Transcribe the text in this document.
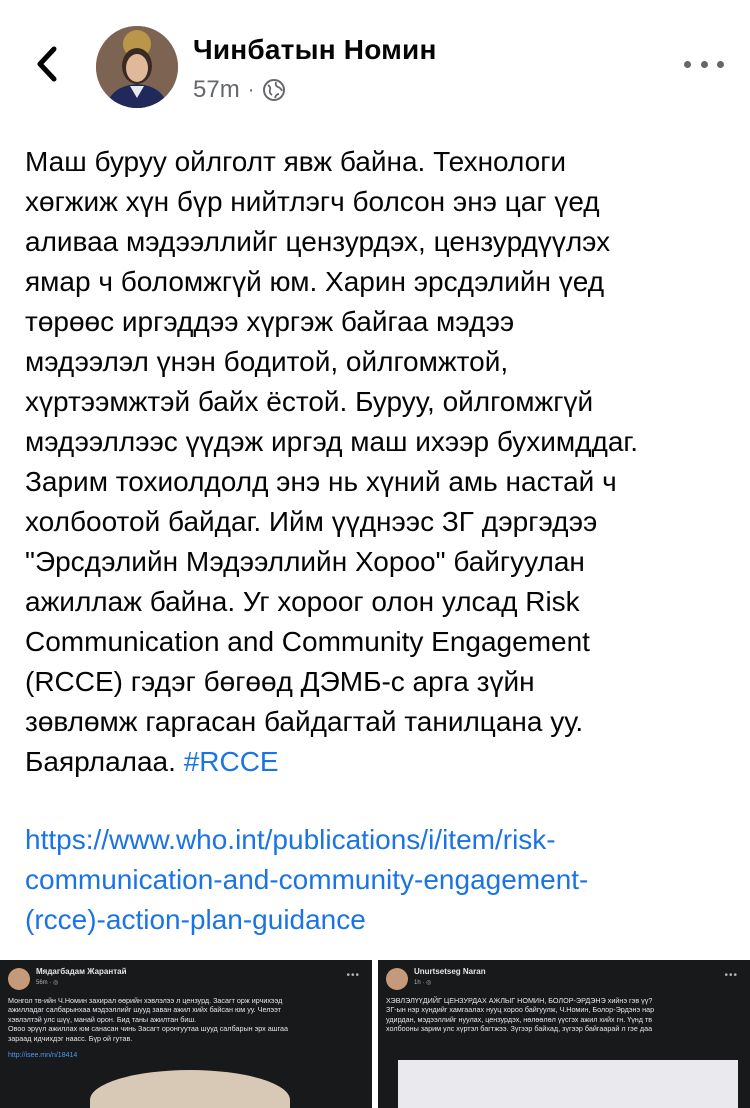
Чинбатын Номин
57m ·
Маш буруу ойлголт явж байна. Технологи
хөгжиж хүн бүр нийтлэгч болсон энэ цаг үед
аливаа мэдээллийг цензурдэх, цензурдүүлэх
ямар ч боломжгүй юм. Харин эрсдэлийн үед
төрөөс иргэддээ хүргэж байгаа мэдээ
мэдээлэл үнэн бодитой, ойлгомжтой,
хүртээмжтэй байх ёстой. Буруу, ойлгомжгүй
мэдээллээс үүдэж иргэд маш ихээр бухимддаг.
Зарим тохиолдолд энэ нь хүний амь настай ч
холбоотой байдаг. Ийм үүднээс ЗГ дэргэдээ
"Эрсдэлийн Мэдээллийн Хороо" байгуулан
ажиллаж байна. Уг хороог олон улсад Risk
Communication and Community Engagement
(RCCE) гэдэг бөгөөд ДЭМБ-с арга зүйн
зөвлөмж гаргасан байдагтай танилцана уу.
Баярлалаа. #RCCE
https://www.who.int/publications/i/item/risk-
communication-and-community-engagement-
(rcce)-action-plan-guidance
Мядагбадам Жарантай
56m · ◎
•••
Монгол тв-ийн Ч.Номин захирал өөрийн хэвлэлээ л цензурд. Засагт орж ирчихээд
ажилладаг салбарынхаа мэдээллийг шууд заван ажил хийх байсан юм уу. Челээт
хэвлэлтэй улс шүү, манай орон. Бид таны ажилтан биш.
Овоо эрүүл ажиллах юм санасан чинь Засагт оронгуутаа шууд салбарын эрх ашгаа
зараад идчихдэг наасс. Бүр ой гутав.
http://isee.mn/n/18414
Unurtsetseg Naran
1h · ◎
•••
ХЭВЛЭЛҮҮДИЙГ ЦЕНЗУРДАХ АЖЛЫГ НОМИН, БОЛОР-ЭРДЭНЭ хийнэ гэв үү?
ЗГ-ын нэр хүндийг хамгаалах нууц хороо байгуулж, Ч.Номин, Болор-Эрдэнэ нар
удирдан, мэдээллийг нуулах, цензурдэх, нөлөөлөл үүсгэх ажил хийх гн. Үүнд тв
холбооны зарим улс хүртэл багтжээ. Зүгээр байхад, зүгээр байгаарай л гэе даа
